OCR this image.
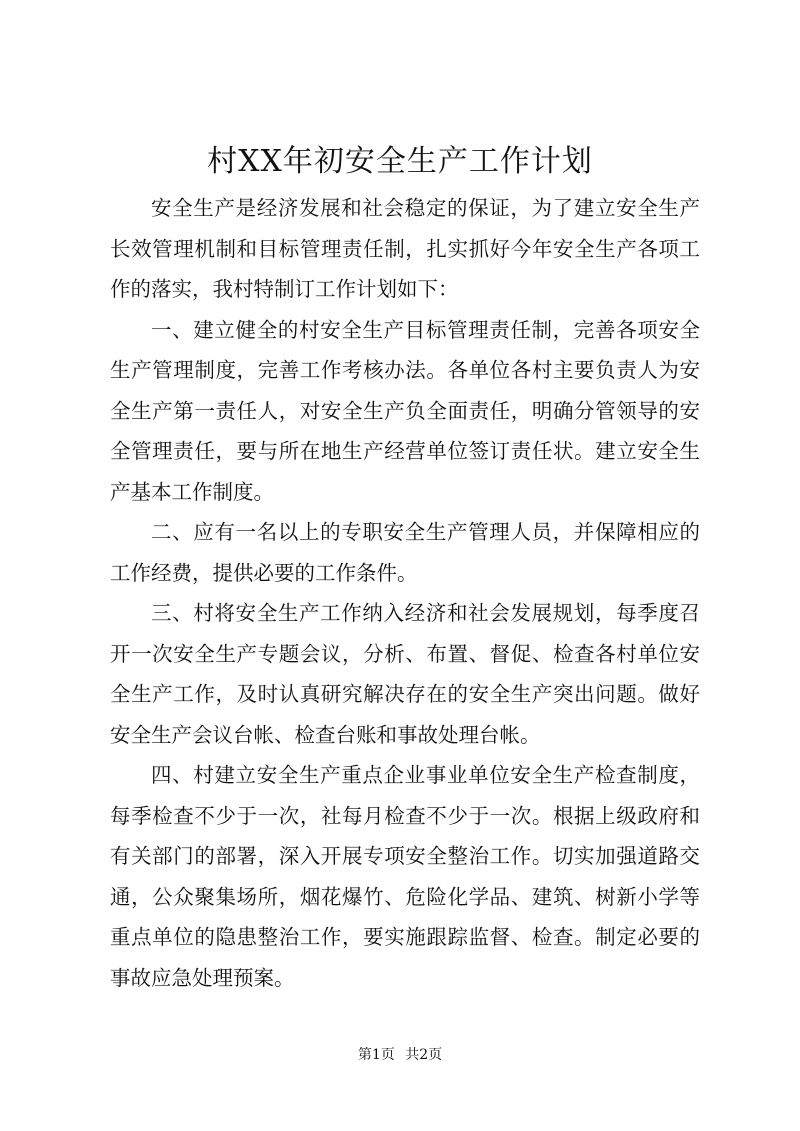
村XX年初安全生产工作计划

安全生产是经济发展和社会稳定的保证，为了建立安全生产长效管理机制和目标管理责任制，扎实抓好今年安全生产各项工作的落实，我村特制订工作计划如下：

一、建立健全的村安全生产目标管理责任制，完善各项安全生产管理制度，完善工作考核办法。各单位各村主要负责人为安全生产第一责任人，对安全生产负全面责任，明确分管领导的安全管理责任，要与所在地生产经营单位签订责任状。建立安全生产基本工作制度。

二、应有一名以上的专职安全生产管理人员，并保障相应的工作经费，提供必要的工作条件。

三、村将安全生产工作纳入经济和社会发展规划，每季度召开一次安全生产专题会议，分析、布置、督促、检查各村单位安全生产工作，及时认真研究解决存在的安全生产突出问题。做好安全生产会议台帐、检查台账和事故处理台帐。

四、村建立安全生产重点企业事业单位安全生产检查制度，每季检查不少于一次，社每月检查不少于一次。根据上级政府和有关部门的部署，深入开展专项安全整治工作。切实加强道路交通，公众聚集场所，烟花爆竹、危险化学品、建筑、树新小学等重点单位的隐患整治工作，要实施跟踪监督、检查。制定必要的事故应急处理预案。

第1页 共2页
